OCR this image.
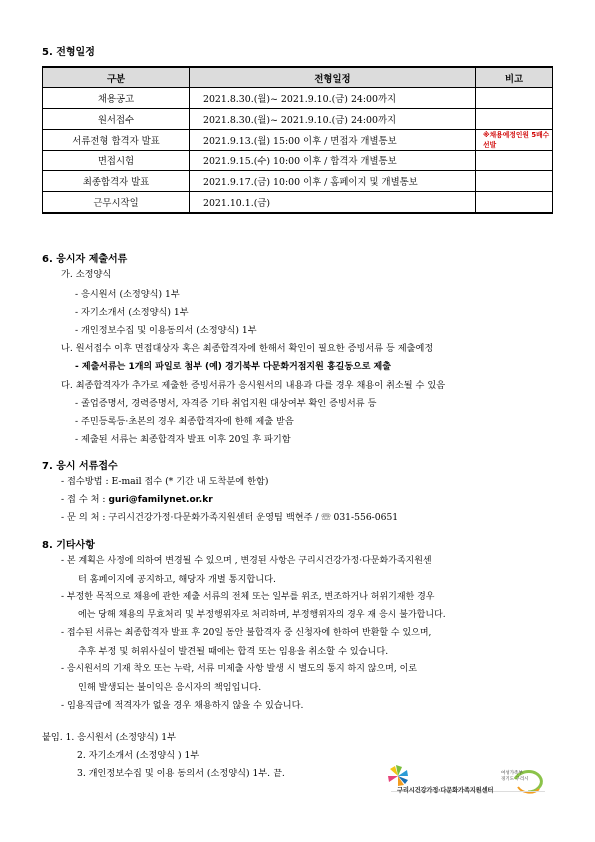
5. 전형일정
구분	전형일정	비고
채용공고	2021.8.30.(월)~ 2021.9.10.(금) 24:00까지	
원서접수	2021.8.30.(월)~ 2021.9.10.(금) 24:00까지	
서류전형 합격자 발표	2021.9.13.(월) 15:00 이후 / 면접자 개별통보	※채용예정인원 5배수 선발

면접시험	2021.9.15.(수) 10:00 이후 / 합격자 개별통보	
최종합격자 발표	2021.9.17.(금) 10:00 이후 / 홈페이지 및 개별통보	
근무시작일	2021.10.1.(금)	
6. 응시자 제출서류
가. 소정양식
- 응시원서 (소정양식) 1부
- 자기소개서 (소정양식) 1부
- 개인정보수집 및 이용동의서 (소정양식) 1부
나. 원서접수 이후 면접대상자 혹은 최종합격자에 한해서 확인이 필요한 증빙서류 등 제출예정
- 제출서류는 1개의 파일로 첨부 (예) 경기북부 다문화거점지원 홍길동으로 제출
다. 최종합격자가 추가로 제출한 증빙서류가 응시원서의 내용과 다를 경우 채용이 취소될 수 있음
- 졸업증명서, 경력증명서, 자격증 기타 취업지원 대상여부 확인 증빙서류 등
- 주민등록등·초본의 경우 최종합격자에 한해 제출 받음
- 제출된 서류는 최종합격자 발표 이후 20일 후 파기함
7. 응시 서류접수
- 접수방법 : E-mail 접수 (* 기간 내 도착분에 한함)
- 접 수 처 : guri@familynet.or.kr
- 문 의 처 : 구리시건강가정·다문화가족지원센터 운영팀 백현주 / ☏ 031-556-0651
8. 기타사항
- 본 계획은 사정에 의하여 변경될 수 있으며 , 변경된 사항은 구리시건강가정·다문화가족지원센
터 홈페이지에 공지하고, 해당자 개별 통지합니다.
- 부정한 목적으로 채용에 관한 제출 서류의 전체 또는 일부를 위조, 변조하거나 허위기재한 경우
에는 당해 채용의 무효처리 및 부정행위자로 처리하며, 부정행위자의 경우 재 응시 불가합니다.
- 접수된 서류는 최종합격자 발표 후 20일 동안 불합격자 중 신청자에 한하여 반환할 수 있으며,
추후 부정 및 허위사실이 발견될 때에는 합격 또는 임용을 취소할 수 있습니다.
- 응시원서의 기재 착오 또는 누락, 서류 미제출 사항 발생 시 별도의 통지 하지 않으며, 이로
인해 발생되는 불이익은 응시자의 책임입니다.
- 임용직급에 적격자가 없을 경우 채용하지 않을 수 있습니다.
붙임. 1. 응시원서 (소정양식) 1부
2. 자기소개서 (소정양식 ) 1부
3. 개인정보수집 및 이용 동의서 (소정양식) 1부. 끝.	여성가족부
경기도 구리시
구리시건강가정·다문화가족지원센터
